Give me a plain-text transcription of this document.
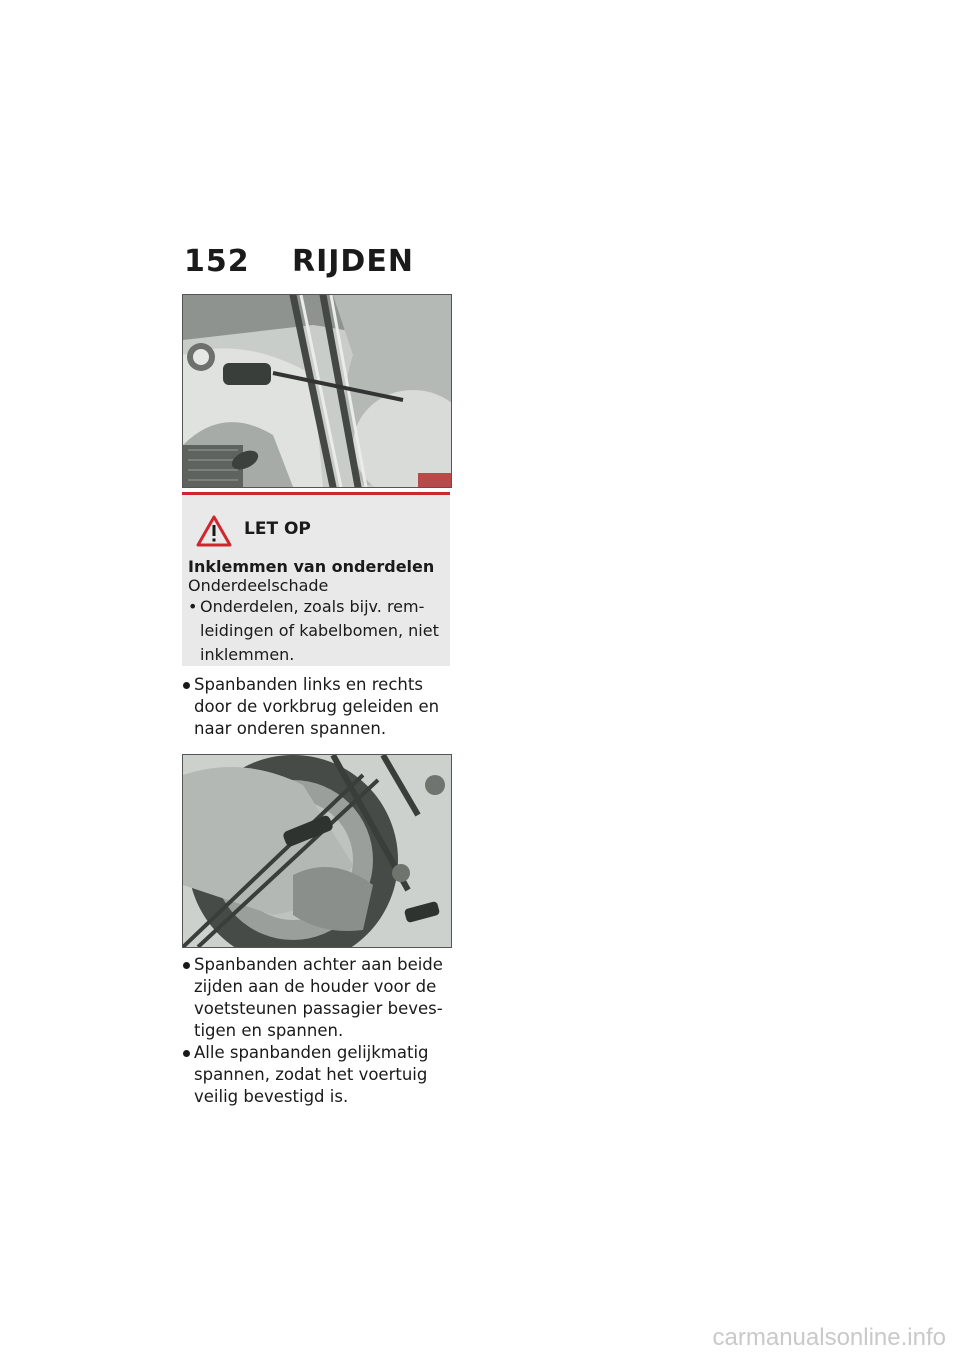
152 RIJDEN
LET OP
Inklemmen van onderdelen
Onderdeelschade
• Onderdelen, zoals bijv. rem-leidingen of kabelbomen, niet inklemmen.
Spanbanden links en rechts door de vorkbrug geleiden en naar onderen spannen.
Spanbanden achter aan beide zijden aan de houder voor de voetsteunen passagier beves-tigen en spannen.
Alle spanbanden gelijkmatig spannen, zodat het voertuig veilig bevestigd is.
carmanualsonline.info
